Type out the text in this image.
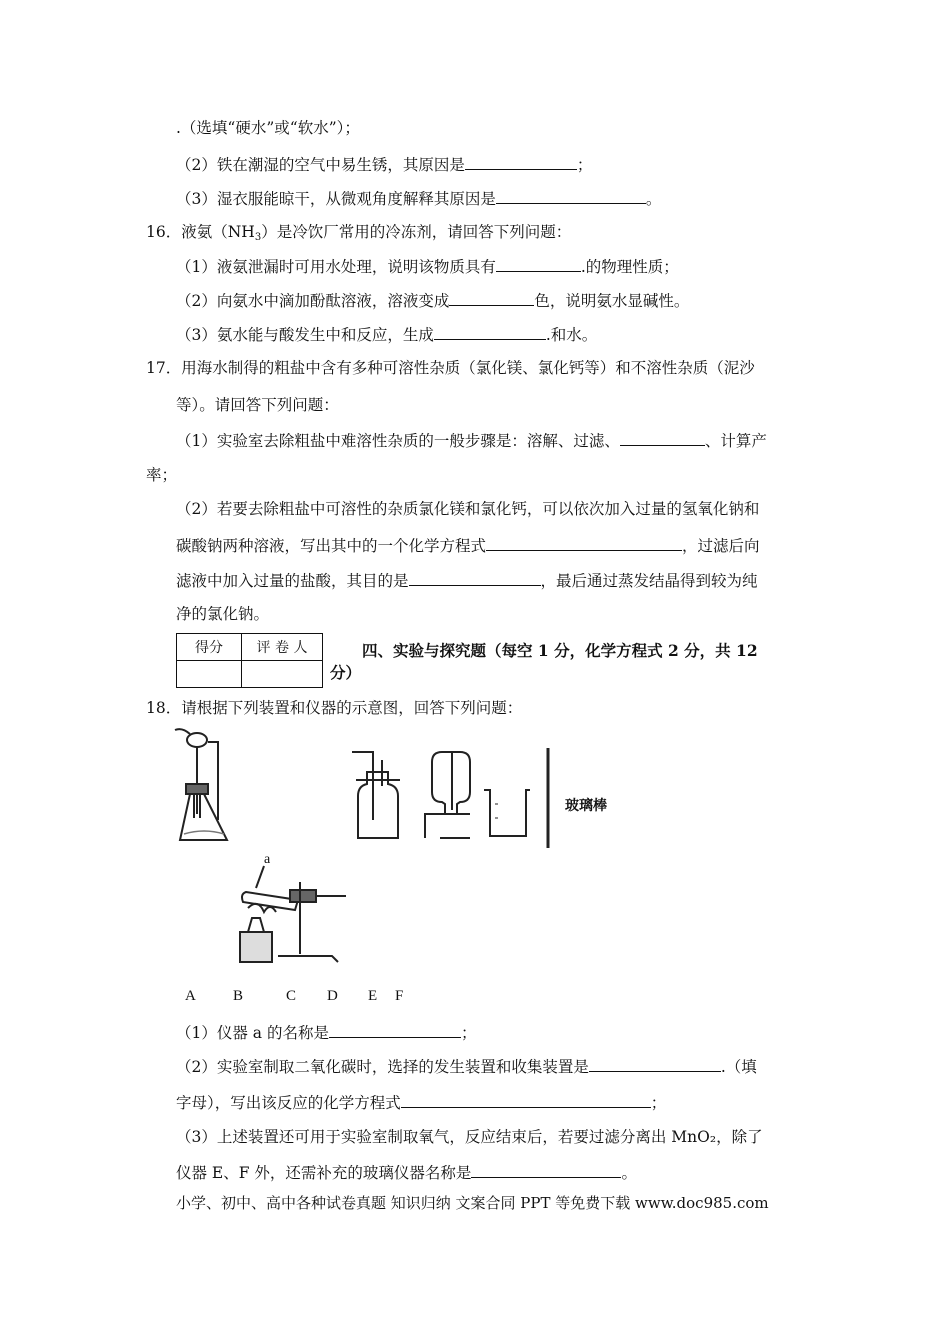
.（选填“硬水”或“软水”）；
（2）铁在潮湿的空气中易生锈，其原因是	；
（3）湿衣服能晾干，从微观角度解释其原因是	。
16．液氨$(NH_3)$是冷饮厂常用的冷冻剂，请回答下列问题：
（1）液氨泄漏时可用水处理，说明该物质具有	.的物理性质；
（2）向氨水中滴加酚酞溶液，溶液变成	色，说明氨水显碱性。
（3）氨水能与酸发生中和反应，生成	.和水。
17．用海水制得的粗盐中含有多种可溶性杂质（氯化镁、氯化钙等）和不溶性杂质（泥沙
等）。请回答下列问题：
（1）实验室去除粗盐中难溶性杂质的一般步骤是：溶解、过滤、	、计算产
率；
（2）若要去除粗盐中可溶性的杂质氯化镁和氯化钙，可以依次加入过量的氢氧化钠和
碳酸钠两种溶液，写出其中的一个化学方程式	，过滤后向
滤液中加入过量的盐酸，其目的是	，最后通过蒸发结晶得到较为纯
净的氯化钠。
得分	评 卷 人
		四、实验与探究题（每空 1 分，化学方程式 2 分，共 12
分）
18．请根据下列装置和仪器的示意图，回答下列问题：
a
玻璃棒
A B	C D E F
（1）仪器 a 的名称是	；
（2）实验室制取二氧化碳时，选择的发生装置和收集装置是	.（填
字母），写出该反应的化学方程式	；
（3）上述装置还可用于实验室制取氧气，反应结束后，若要过滤分离出 MnO₂，除了
仪器 E、F 外，还需补充的玻璃仪器名称是	。
小学、初中、高中各种试卷真题 知识归纳 文案合同 PPT 等免费下载 www.doc985.com
